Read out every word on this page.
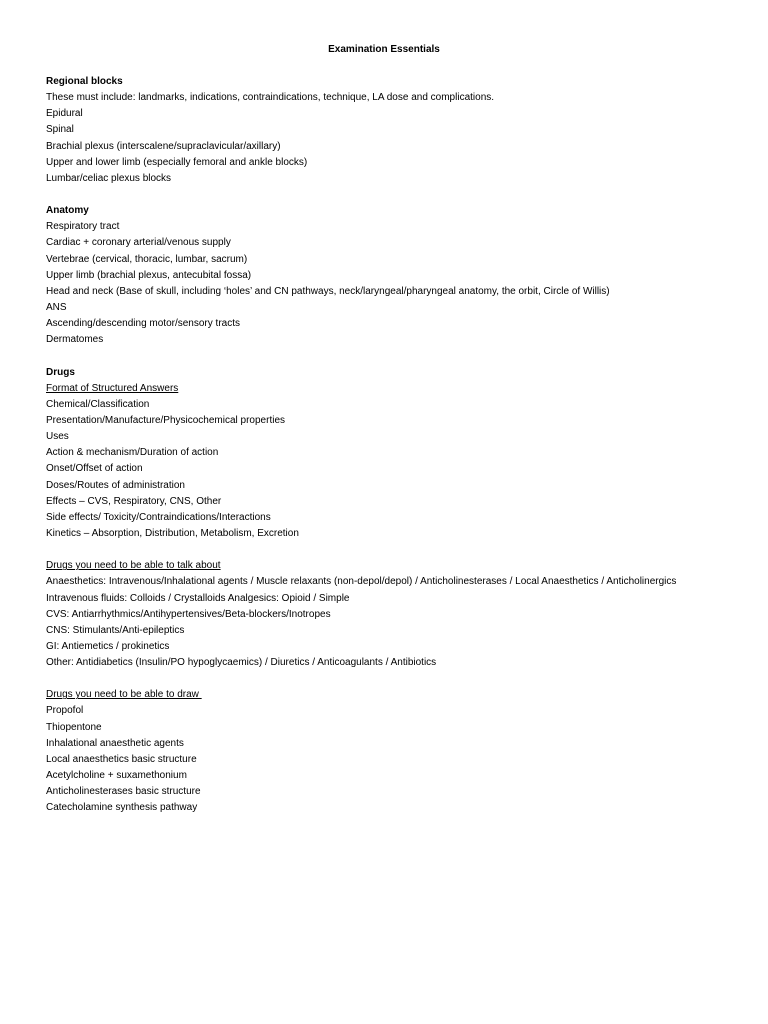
Examination Essentials
Regional blocks
These must include: landmarks, indications, contraindications, technique, LA dose and complications.
Epidural
Spinal
Brachial plexus (interscalene/supraclavicular/axillary)
Upper and lower limb (especially femoral and ankle blocks)
Lumbar/celiac plexus blocks
Anatomy
Respiratory tract
Cardiac + coronary arterial/venous supply
Vertebrae (cervical, thoracic, lumbar, sacrum)
Upper limb (brachial plexus, antecubital fossa)
Head and neck (Base of skull, including ‘holes’ and CN pathways, neck/laryngeal/pharyngeal anatomy, the orbit, Circle of Willis)
ANS
Ascending/descending motor/sensory tracts
Dermatomes
Drugs
Format of Structured Answers
Chemical/Classification
Presentation/Manufacture/Physicochemical properties
Uses
Action & mechanism/Duration of action
Onset/Offset of action
Doses/Routes of administration
Effects – CVS, Respiratory, CNS, Other
Side effects/ Toxicity/Contraindications/Interactions
Kinetics – Absorption, Distribution, Metabolism, Excretion
Drugs you need to be able to talk about
Anaesthetics: Intravenous/Inhalational agents / Muscle relaxants (non-depol/depol) / Anticholinesterases / Local Anaesthetics / Anticholinergics
Intravenous fluids: Colloids / Crystalloids Analgesics: Opioid / Simple
CVS: Antiarrhythmics/Antihypertensives/Beta-blockers/Inotropes
CNS: Stimulants/Anti-epileptics
GI: Antiemetics / prokinetics
Other: Antidiabetics (Insulin/PO hypoglycaemics) / Diuretics / Anticoagulants / Antibiotics
Drugs you need to be able to draw
Propofol
Thiopentone
Inhalational anaesthetic agents
Local anaesthetics basic structure
Acetylcholine + suxamethonium
Anticholinesterases basic structure
Catecholamine synthesis pathway
